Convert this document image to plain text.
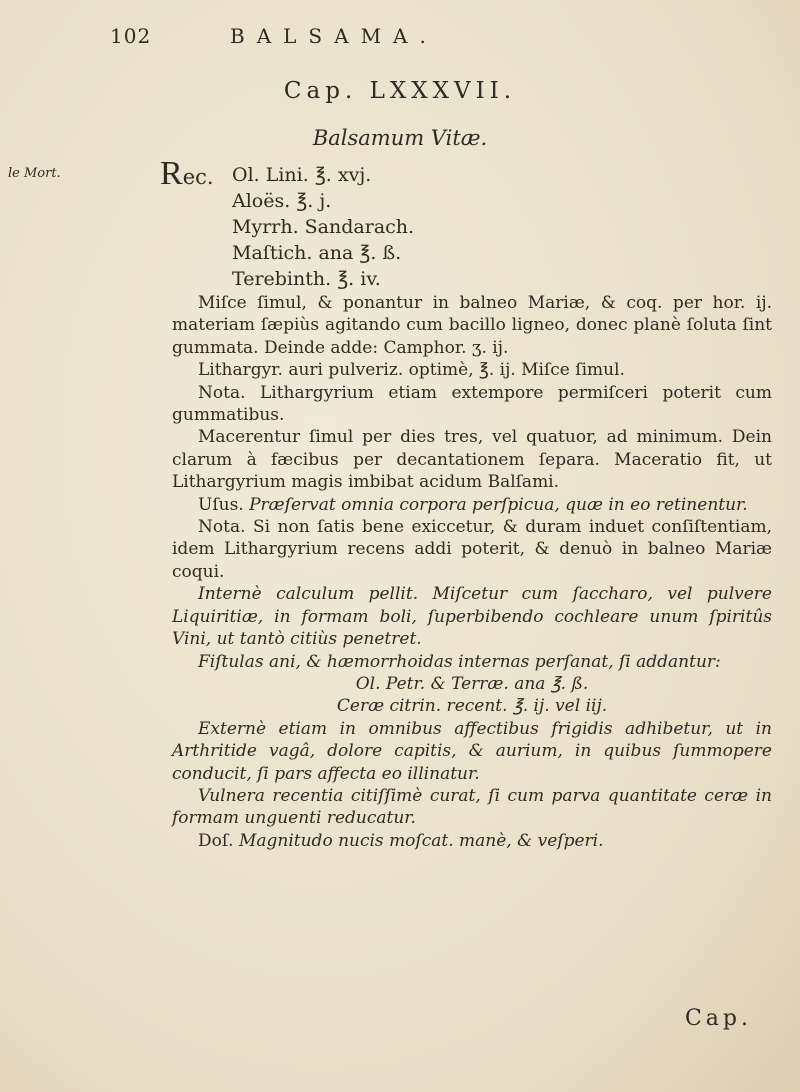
102	BALSAMA.
Cap. LXXXVII.
Balsamum Vitæ.
le Mort.	Rec. Ol. Lini. ℥. xvj.
Aloës. ℥. j.
Myrrh. Sandarach.
Maſtich. ana ℥. ß.
Terebinth. ℥. iv.

Miſce ſimul, & ponantur in balneo Mariæ, & coq. per hor. ij. materiam ſæpiùs agitando cum bacillo ligneo, donec planè ſoluta ſint gummata. Deinde adde: Camphor. ʒ. ij.

Lithargyr. auri pulveriz. optimè, ℥. ij. Miſce ſimul.

Nota. Lithargyrium etiam extempore permiſceri poterit cum gummatibus.

Macerentur ſimul per dies tres, vel quatuor, ad minimum. Dein clarum à fæcibus per decantationem ſepara. Maceratio fit, ut Lithargyrium magis imbibat acidum Balſami.

Uſus. Præſervat omnia corpora perſpicua, quæ in eo retinentur.

Nota. Si non ſatis bene exiccetur, & duram induet conſiſtentiam, idem Lithargyrium recens addi poterit, & denuò in balneo Mariæ coqui.

Internè calculum pellit. Miſcetur cum ſaccharo, vel pulvere Liquiritiæ, in formam boli, ſuperbibendo cochleare unum ſpiritûs Vini, ut tantò citiùs penetret.

Fiſtulas ani, & hæmorrhoidas internas perſanat, ſi addantur:

Ol. Petr. & Terræ. ana ℥. ß.

Ceræ citrin. recent. ℥. ij. vel iij.

Externè etiam in omnibus affectibus frigidis adhibetur, ut in Arthritide vagâ, dolore capitis, & aurium, in quibus ſummopere conducit, ſi pars affecta eo illinatur.

Vulnera recentia citiſſimè curat, ſi cum parva quantitate ceræ in formam unguenti reducatur.

Doſ. Magnitudo nucis moſcat. manè, & veſperi.

Cap.
